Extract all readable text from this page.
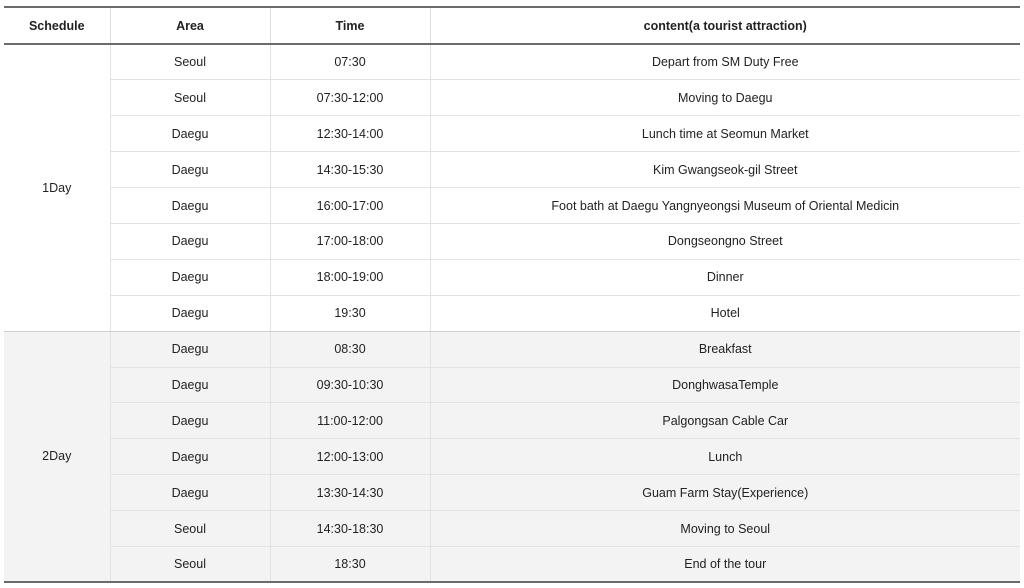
Schedule	Area	Time	content(a tourist attraction)
1Day	Seoul	07:30	Depart from SM Duty Free
	Seoul	07:30-12:00	Moving to Daegu
	Daegu	12:30-14:00	Lunch time at Seomun Market
	Daegu	14:30-15:30	Kim Gwangseok-gil Street
	Daegu	16:00-17:00	Foot bath at Daegu Yangnyeongsi Museum of Oriental Medicin
	Daegu	17:00-18:00	Dongseongno Street
	Daegu	18:00-19:00	Dinner
	Daegu	19:30	Hotel
2Day	Daegu	08:30	Breakfast
	Daegu	09:30-10:30	DonghwasaTemple
	Daegu	11:00-12:00	Palgongsan Cable Car
	Daegu	12:00-13:00	Lunch
	Daegu	13:30-14:30	Guam Farm Stay(Experience)
	Seoul	14:30-18:30	Moving to Seoul
	Seoul	18:30	End of the tour
